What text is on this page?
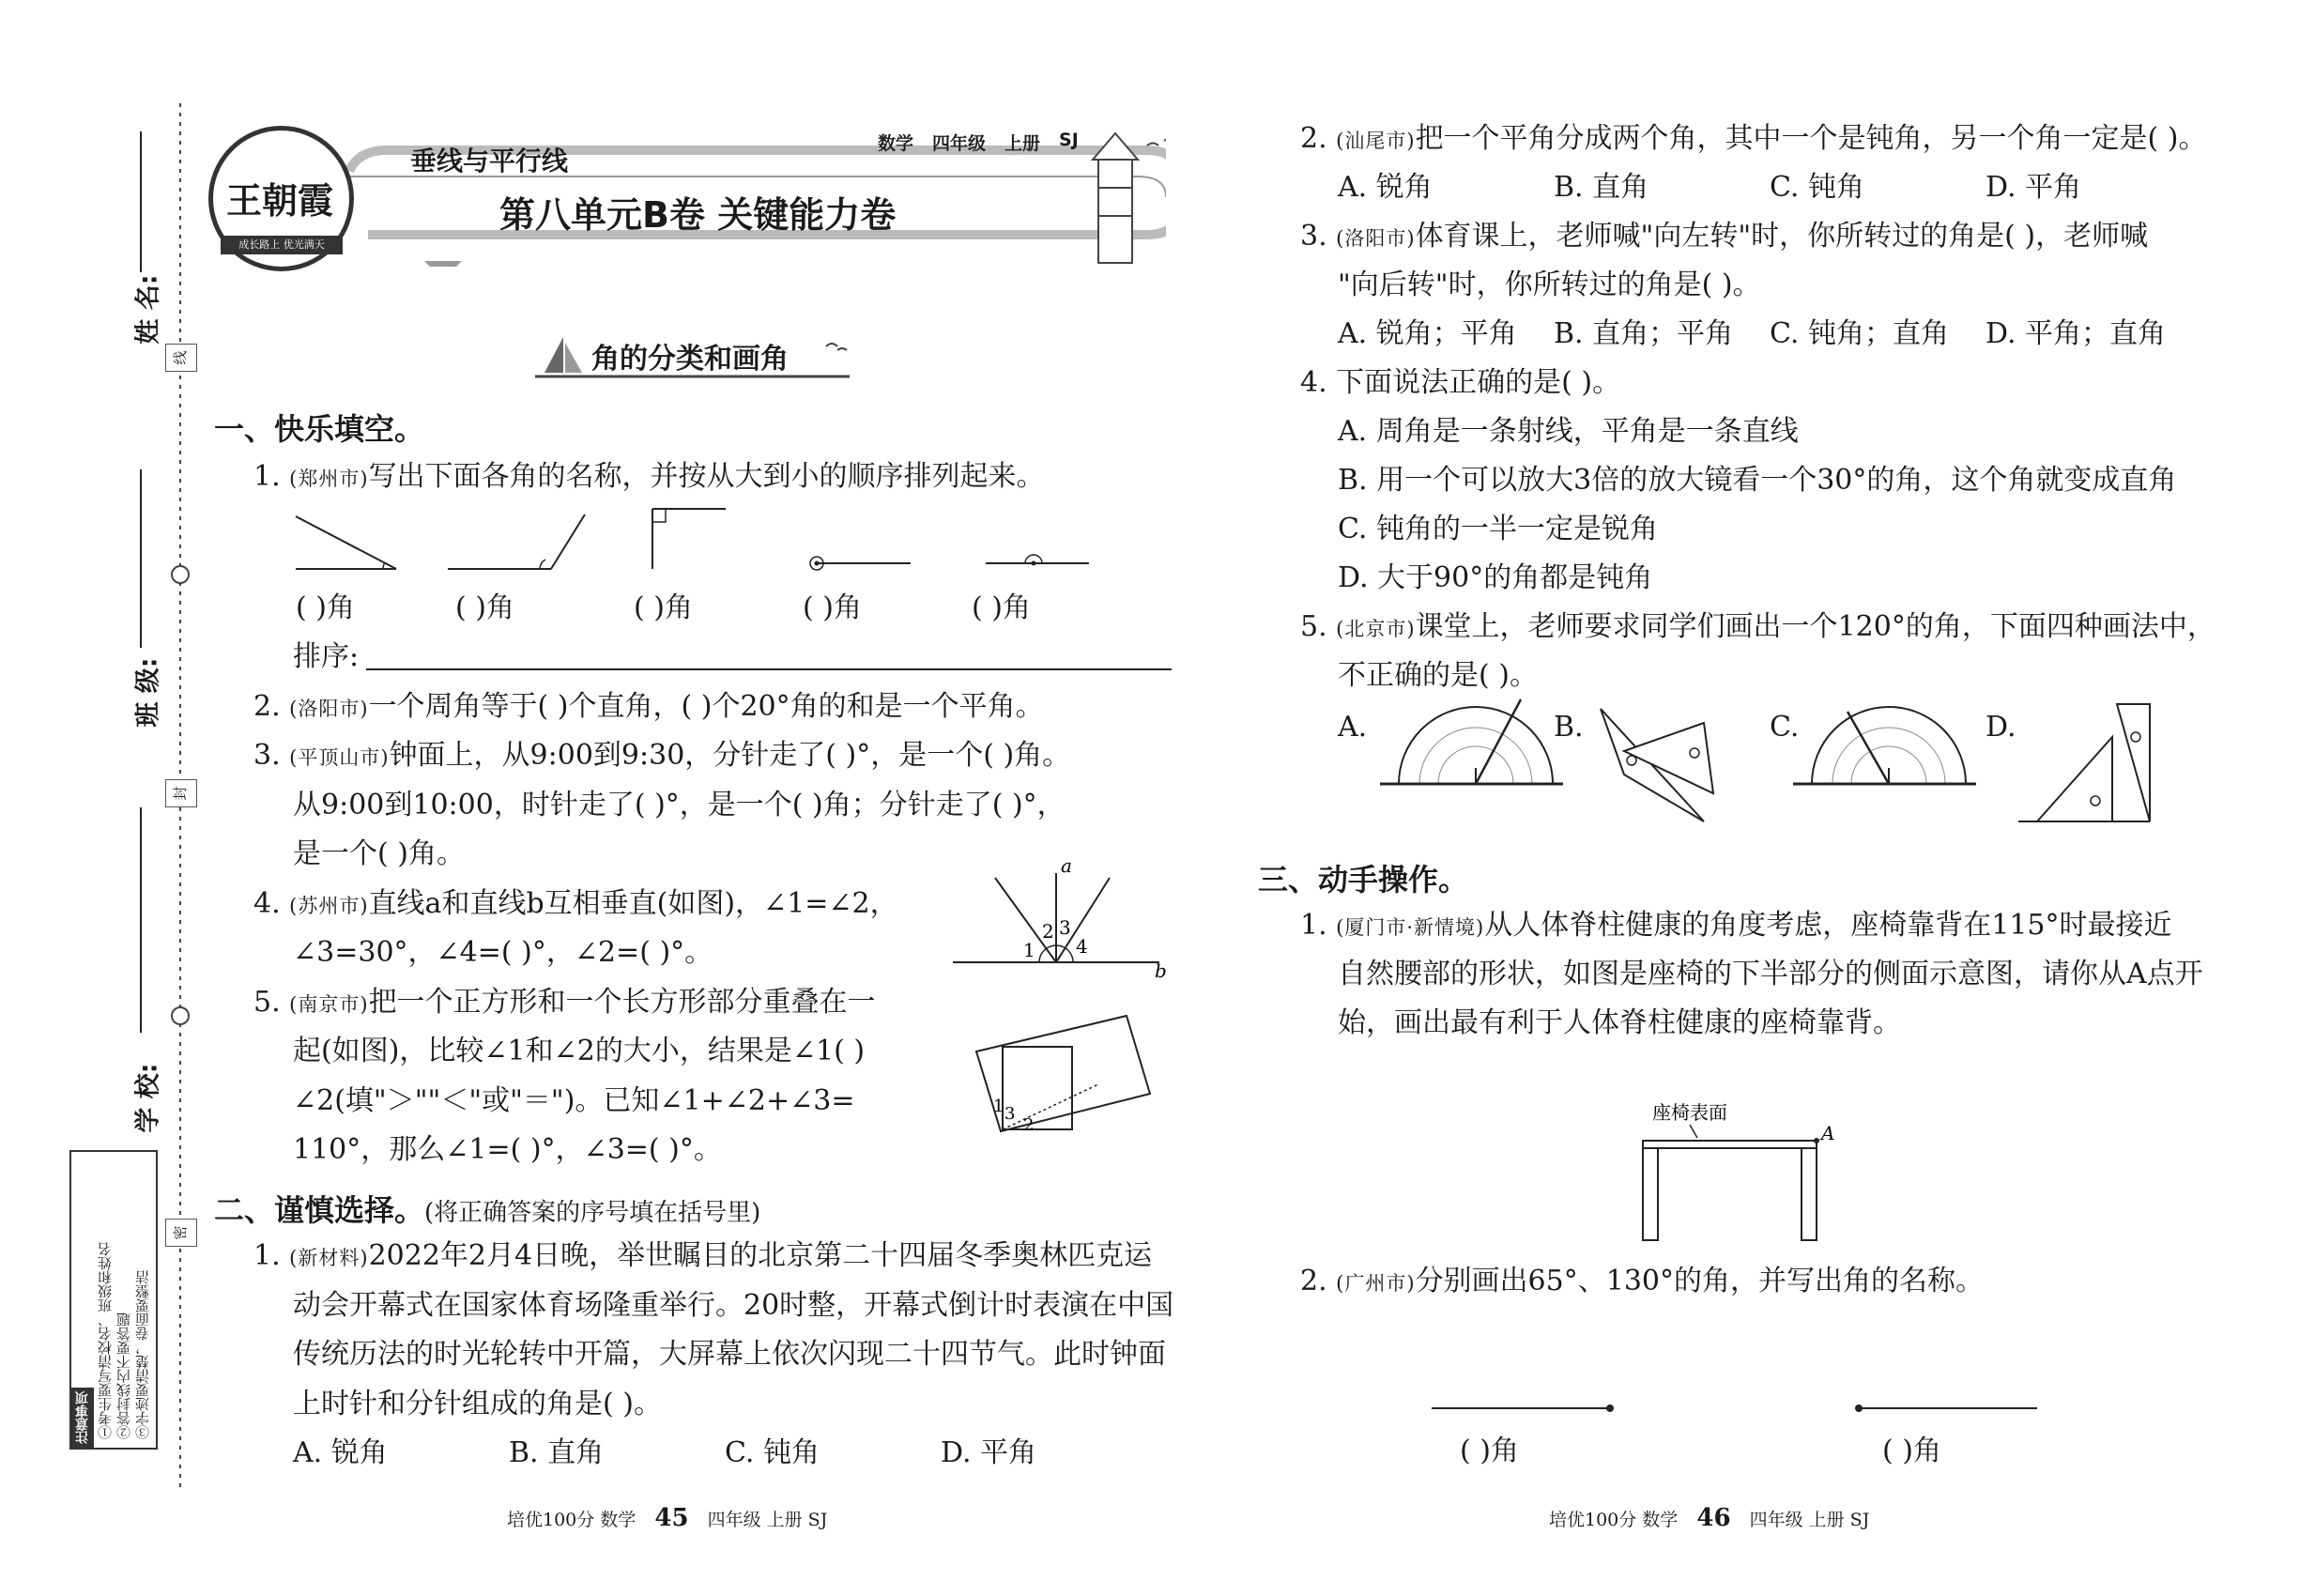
姓 名:
班 级:
学 校:
线
封
密
注意事项 ①考生要写清校名、班级和姓名 ②答封线内不要答题 ③字迹要清楚，卷面要整洁
王朝霞
成长路上 优光满天
垂线与平行线
数学 四年级 上册 SJ
第八单元B卷 关键能力卷
角的分类和画角
一、快乐填空。
1. (郑州市)写出下面各角的名称，并按从大到小的顺序排列起来。
( )角	( )角	( )角	( )角	( )角
排序:
2. (洛阳市)一个周角等于( )个直角，( )个20°角的和是一个平角。
3. (平顶山市)钟面上，从9:00到9:30，分针走了( )°，是一个( )角。
从9:00到10:00，时针走了( )°，是一个( )角；分针走了( )°，
是一个( )角。
4. (苏州市)直线a和直线b互相垂直(如图)，∠1=∠2，
∠3=30°，∠4=( )°，∠2=( )°。
a
b
1
2 3
4
5. (南京市)把一个正方形和一个长方形部分重叠在一
起(如图)，比较∠1和∠2的大小，结果是∠1( )
∠2(填"＞""＜"或"＝")。已知∠1+∠2+∠3=
110°，那么∠1=( )°，∠3=( )°。
1 3
2
二、谨慎选择。(将正确答案的序号填在括号里)
1. (新材料)2022年2月4日晚，举世瞩目的北京第二十四届冬季奥林匹克运
动会开幕式在国家体育场隆重举行。20时整，开幕式倒计时表演在中国
传统历法的时光轮转中开篇，大屏幕上依次闪现二十四节气。此时钟面
上时针和分针组成的角是( )。
A. 锐角	B. 直角	C. 钝角	D. 平角
培优100分 数学 45 四年级 上册 SJ
2. (汕尾市)把一个平角分成两个角，其中一个是钝角，另一个角一定是( )。
A. 锐角	B. 直角	C. 钝角	D. 平角
3. (洛阳市)体育课上，老师喊"向左转"时，你所转过的角是( )，老师喊
"向后转"时，你所转过的角是( )。
A. 锐角；平角 B. 直角；平角 C. 钝角；直角 D. 平角；直角
4. 下面说法正确的是( )。
A. 周角是一条射线，平角是一条直线
B. 用一个可以放大3倍的放大镜看一个30°的角，这个角就变成直角
C. 钝角的一半一定是锐角
D. 大于90°的角都是钝角
5. (北京市)课堂上，老师要求同学们画出一个120°的角，下面四种画法中，
不正确的是( )。
A.	B.	C.	D.
三、动手操作。
1. (厦门市·新情境)从人体脊柱健康的角度考虑，座椅靠背在115°时最接近
自然腰部的形状，如图是座椅的下半部分的侧面示意图，请你从A点开
始，画出最有利于人体脊柱健康的座椅靠背。
座椅表面
A
2. (广州市)分别画出65°、130°的角，并写出角的名称。
( )角	( )角
培优100分 数学 46 四年级 上册 SJ
